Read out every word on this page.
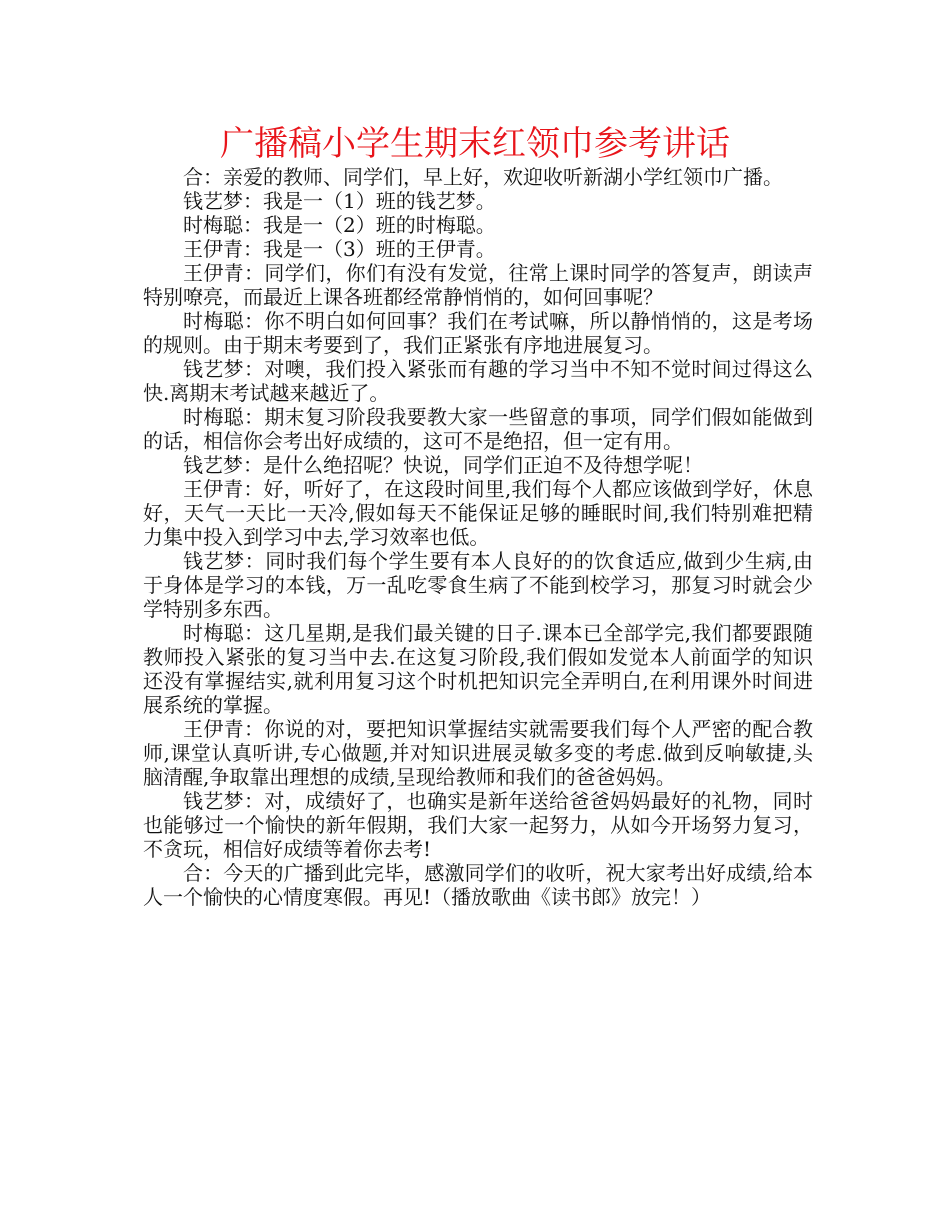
广播稿小学生期末红领巾参考讲话

合：亲爱的教师、同学们，早上好，欢迎收听新湖小学红领巾广播。

钱艺梦：我是一（1）班的钱艺梦。

时梅聪：我是一（2）班的时梅聪。

王伊青：我是一（3）班的王伊青。

王伊青：同学们，你们有没有发觉，往常上课时同学的答复声，朗读声特别嘹亮，而最近上课各班都经常静悄悄的，如何回事呢？

时梅聪：你不明白如何回事？我们在考试嘛，所以静悄悄的，这是考场的规则。由于期末考要到了，我们正紧张有序地进展复习。

钱艺梦：对噢，我们投入紧张而有趣的学习当中不知不觉时间过得这么快.离期末考试越来越近了。

时梅聪：期末复习阶段我要教大家一些留意的事项，同学们假如能做到的话，相信你会考出好成绩的，这可不是绝招，但一定有用。

钱艺梦：是什么绝招呢？快说，同学们正迫不及待想学呢！

王伊青：好，听好了，在这段时间里,我们每个人都应该做到学好，休息好，天气一天比一天冷,假如每天不能保证足够的睡眠时间,我们特别难把精力集中投入到学习中去,学习效率也低。

钱艺梦：同时我们每个学生要有本人良好的的饮食适应,做到少生病,由于身体是学习的本钱，万一乱吃零食生病了不能到校学习，那复习时就会少学特别多东西。

时梅聪：这几星期,是我们最关键的日子.课本已全部学完,我们都要跟随教师投入紧张的复习当中去.在这复习阶段,我们假如发觉本人前面学的知识还没有掌握结实,就利用复习这个时机把知识完全弄明白,在利用课外时间进展系统的掌握。

王伊青：你说的对，要把知识掌握结实就需要我们每个人严密的配合教师,课堂认真听讲,专心做题,并对知识进展灵敏多变的考虑.做到反响敏捷,头脑清醒,争取靠出理想的成绩,呈现给教师和我们的爸爸妈妈。

钱艺梦：对，成绩好了，也确实是新年送给爸爸妈妈最好的礼物，同时也能够过一个愉快的新年假期，我们大家一起努力，从如今开场努力复习，不贪玩，相信好成绩等着你去考!

合：今天的广播到此完毕，感激同学们的收听，祝大家考出好成绩,给本人一个愉快的心情度寒假。再见!（播放歌曲《读书郎》放完！）
